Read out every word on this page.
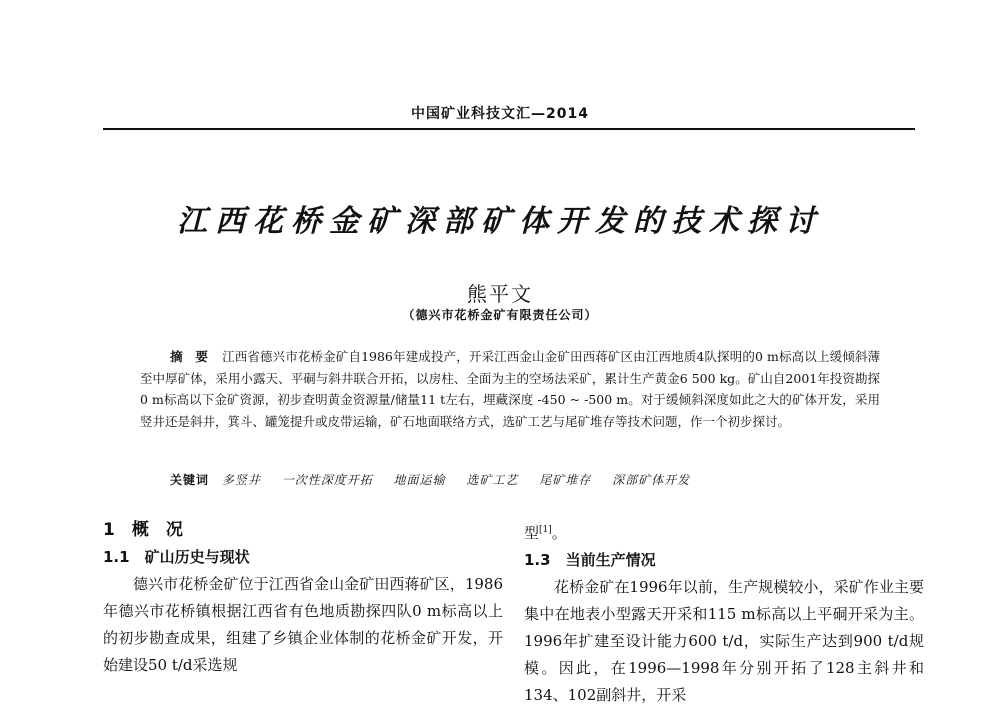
中国矿业科技文汇—2014
江西花桥金矿深部矿体开发的技术探讨
熊平文
（德兴市花桥金矿有限责任公司）
摘　要 江西省德兴市花桥金矿自1986年建成投产，开采江西金山金矿田西蒋矿区由江西地质4队探明的0 m标高以上缓倾斜薄至中厚矿体，采用小露天、平硐与斜井联合开拓，以房柱、全面为主的空场法采矿，累计生产黄金6 500 kg。矿山自2001年投资勘探0 m标高以下金矿资源，初步查明黄金资源量/储量11 t左右，埋藏深度 -450 ~ -500 m。对于缓倾斜深度如此之大的矿体开发，采用竖井还是斜井，箕斗、罐笼提升或皮带运输，矿石地面联络方式，选矿工艺与尾矿堆存等技术问题，作一个初步探讨。
关键词 多竖井 一次性深度开拓 地面运输 选矿工艺 尾矿堆存 深部矿体开发
1　概　况
1.1　矿山历史与现状
德兴市花桥金矿位于江西省金山金矿田西蒋矿区，1986年德兴市花桥镇根据江西省有色地质勘探四队0 m标高以上的初步勘查成果，组建了乡镇企业体制的花桥金矿开发，开始建设50 t/d采选规
型[1]。
1.3　当前生产情况
花桥金矿在1996年以前，生产规模较小，采矿作业主要集中在地表小型露天开采和115 m标高以上平硐开采为主。1996年扩建至设计能力600 t/d，实际生产达到900 t/d规模。因此，在1996—1998年分别开拓了128主斜井和134、102副斜井，开采
